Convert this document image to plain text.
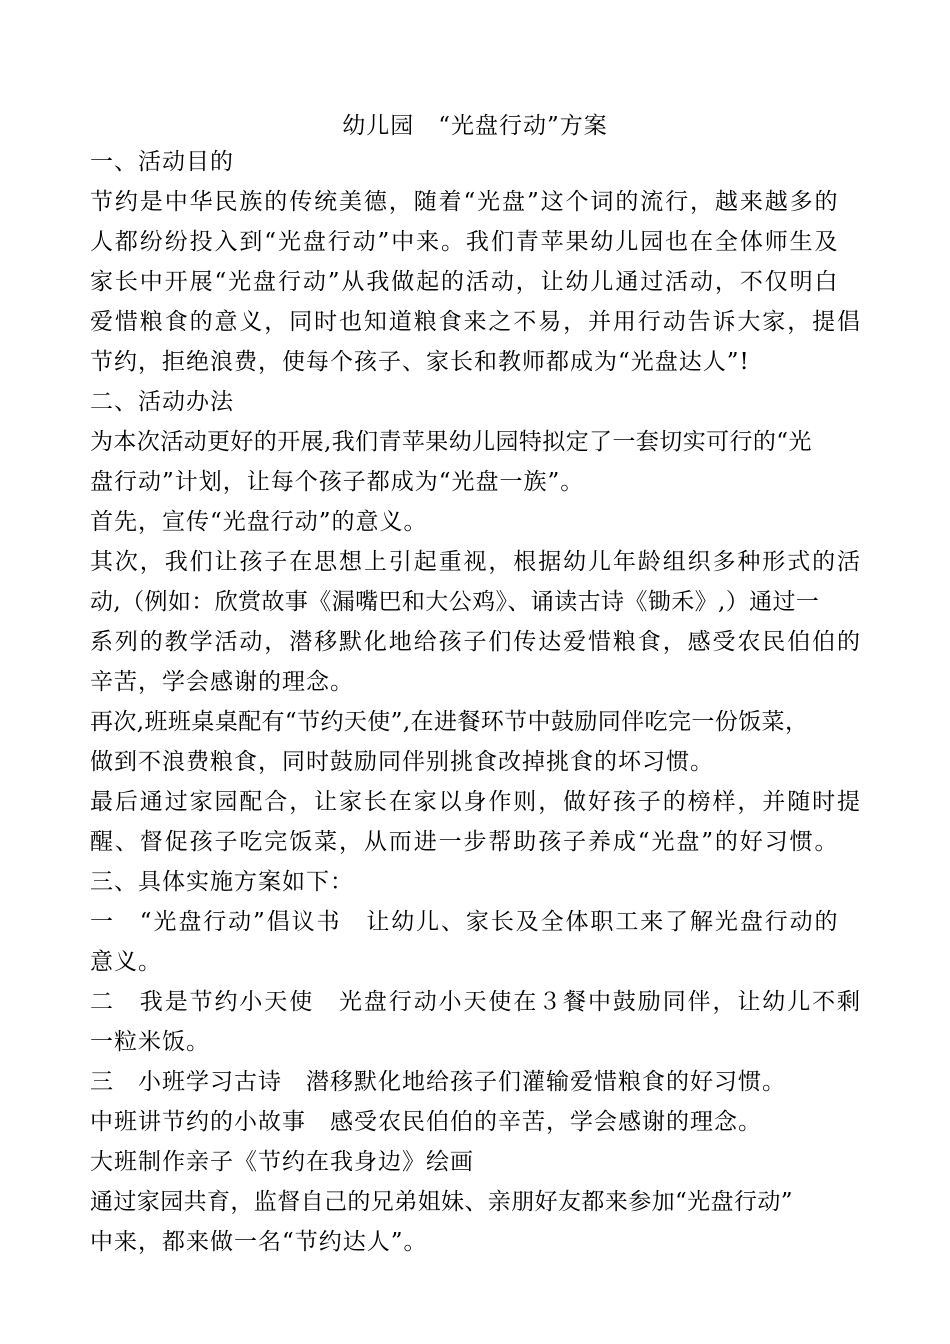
幼儿园　“光盘行动”方案
一、活动目的
节约是中华民族的传统美德，随着“光盘”这个词的流行，越来越多的
人都纷纷投入到“光盘行动”中来。我们青苹果幼儿园也在全体师生及
家长中开展“光盘行动”从我做起的活动，让幼儿通过活动，不仅明白
爱惜粮食的意义，同时也知道粮食来之不易，并用行动告诉大家，提倡
节约，拒绝浪费，使每个孩子、家长和教师都成为“光盘达人”!
二、活动办法
为本次活动更好的开展,我们青苹果幼儿园特拟定了一套切实可行的“光
盘行动”计划，让每个孩子都成为“光盘一族”。
首先，宣传“光盘行动”的意义。
其次，我们让孩子在思想上引起重视，根据幼儿年龄组织多种形式的活
动,（例如：欣赏故事《漏嘴巴和大公鸡》、诵读古诗《锄禾》,）通过一
系列的教学活动，潜移默化地给孩子们传达爱惜粮食，感受农民伯伯的
辛苦，学会感谢的理念。
再次,班班桌桌配有“节约天使”,在进餐环节中鼓励同伴吃完一份饭菜，
做到不浪费粮食，同时鼓励同伴别挑食改掉挑食的坏习惯。
最后通过家园配合，让家长在家以身作则，做好孩子的榜样，并随时提
醒、督促孩子吃完饭菜，从而进一步帮助孩子养成“光盘”的好习惯。
三、具体实施方案如下：
一　“光盘行动”倡议书　让幼儿、家长及全体职工来了解光盘行动的
意义。
二　我是节约小天使　光盘行动小天使在３餐中鼓励同伴，让幼儿不剩
一粒米饭。
三　小班学习古诗　潜移默化地给孩子们灌输爱惜粮食的好习惯。
中班讲节约的小故事　感受农民伯伯的辛苦，学会感谢的理念。
大班制作亲子《节约在我身边》绘画
通过家园共育，监督自己的兄弟姐妹、亲朋好友都来参加“光盘行动”
中来，都来做一名“节约达人”。
